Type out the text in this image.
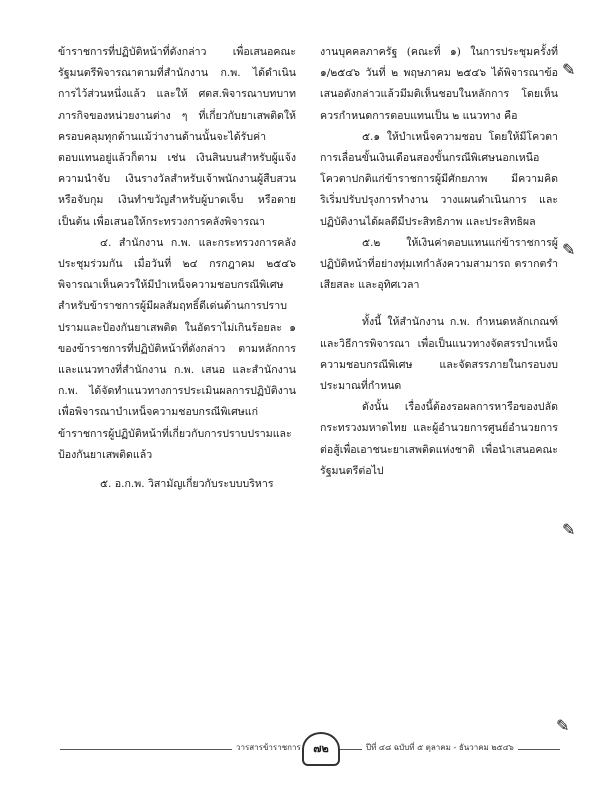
ข้าราชการที่ปฏิบัติหน้าที่ดังกล่าว เพื่อเสนอคณะรัฐมนตรีพิจารณาตามที่สำนักงาน ก.พ. ได้ดำเนินการไว้ส่วนหนึ่งแล้ว และให้ ศตส.พิจารณาบทบาท ภารกิจของหน่วยงานต่าง ๆ ที่เกี่ยวกับยาเสพติดให้ครอบคลุมทุกด้านแม้ว่างานด้านนั้นจะได้รับค่าตอบแทนอยู่แล้วก็ตาม เช่น เงินสินบนสำหรับผู้แจ้งความนำจับ เงินรางวัลสำหรับเจ้าพนักงานผู้สืบสวนหรือจับกุม เงินทำขวัญสำหรับผู้บาดเจ็บ หรือตาย เป็นต้น เพื่อเสนอให้กระทรวงการคลังพิจารณา

๔. สำนักงาน ก.พ. และกระทรวงการคลังประชุมร่วมกัน เมื่อวันที่ ๒๔ กรกฎาคม ๒๕๔๖ พิจารณาเห็นควรให้มีบำเหน็จความชอบกรณีพิเศษสำหรับข้าราชการผู้มีผลสัมฤทธิ์ดีเด่นด้านการปราบปรามและป้องกันยาเสพติด ในอัตราไม่เกินร้อยละ ๑ ของข้าราชการที่ปฏิบัติหน้าที่ดังกล่าว ตามหลักการและแนวทางที่สำนักงาน ก.พ. เสนอ และสำนักงาน ก.พ. ได้จัดทำแนวทางการประเมินผลการปฏิบัติงานเพื่อพิจารณาบำเหน็จความชอบกรณีพิเศษแก่ข้าราชการผู้ปฏิบัติหน้าที่เกี่ยวกับการปราบปรามและป้องกันยาเสพติดแล้ว

๕. อ.ก.พ. วิสามัญเกี่ยวกับระบบบริหาร

งานบุคคลภาครัฐ (คณะที่ ๑) ในการประชุมครั้งที่ ๑/๒๕๔๖ วันที่ ๒ พฤษภาคม ๒๕๔๖ ได้พิจารณาข้อเสนอดังกล่าวแล้วมีมติเห็นชอบในหลักการ โดยเห็นควรกำหนดการตอบแทนเป็น ๒ แนวทาง คือ

๕.๑ ให้บำเหน็จความชอบ โดยให้มีโควตาการเลื่อนขั้นเงินเดือนสองขั้นกรณีพิเศษนอกเหนือโควตาปกติแก่ข้าราชการผู้มีศักยภาพ มีความคิดริเริ่มปรับปรุงการทำงาน วางแผนดำเนินการ และปฏิบัติงานได้ผลดีมีประสิทธิภาพ และประสิทธิผล

๕.๒ ให้เงินค่าตอบแทนแก่ข้าราชการผู้ปฏิบัติหน้าที่อย่างทุ่มเทกำลังความสามารถ ตรากตรำ เสียสละ และอุทิศเวลา

ทั้งนี้ ให้สำนักงาน ก.พ. กำหนดหลักเกณฑ์และวิธีการพิจารณา เพื่อเป็นแนวทางจัดสรรบำเหน็จความชอบกรณีพิเศษ และจัดสรรภายในกรอบงบประมาณที่กำหนด

ดังนั้น เรื่องนี้ต้องรอผลการหารือของปลัดกระทรวงมหาดไทย และผู้อำนวยการศูนย์อำนวยการต่อสู้เพื่อเอาชนะยาเสพติดแห่งชาติ เพื่อนำเสนอคณะรัฐมนตรีต่อไป

✎
✎
✎
✎
วารสารข้าราชการ	๗๒	ปีที่ ๔๘ ฉบับที่ ๕ ตุลาคม - ธันวาคม ๒๕๔๖
